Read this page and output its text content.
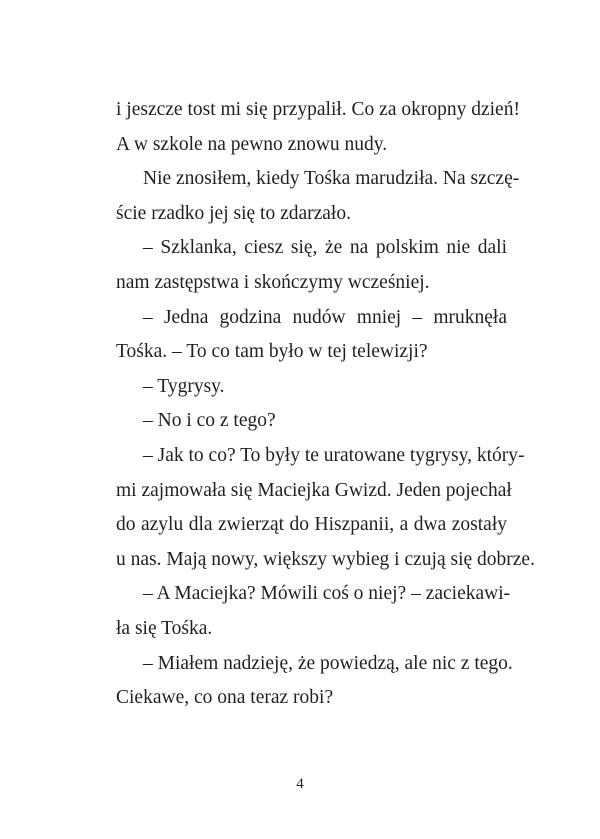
i jeszcze tost mi się przypalił. Co za okropny dzień!
A w szkole na pewno znowu nudy.
Nie znosiłem, kiedy Tośka marudziła. Na szczę-
ście rzadko jej się to zdarzało.
– Szklanka, ciesz się, że na polskim nie dali
nam zastępstwa i skończymy wcześniej.
– Jedna godzina nudów mniej – mruknęła
Tośka. – To co tam było w tej telewizji?
– Tygrysy.
– No i co z tego?
– Jak to co? To były te uratowane tygrysy, który-
mi zajmowała się Maciejka Gwizd. Jeden pojechał
do azylu dla zwierząt do Hiszpanii, a dwa zostały
u nas. Mają nowy, większy wybieg i czują się dobrze.
– A Maciejka? Mówili coś o niej? – zaciekawi-
ła się Tośka.
– Miałem nadzieję, że powiedzą, ale nic z tego.
Ciekawe, co ona teraz robi?
4
